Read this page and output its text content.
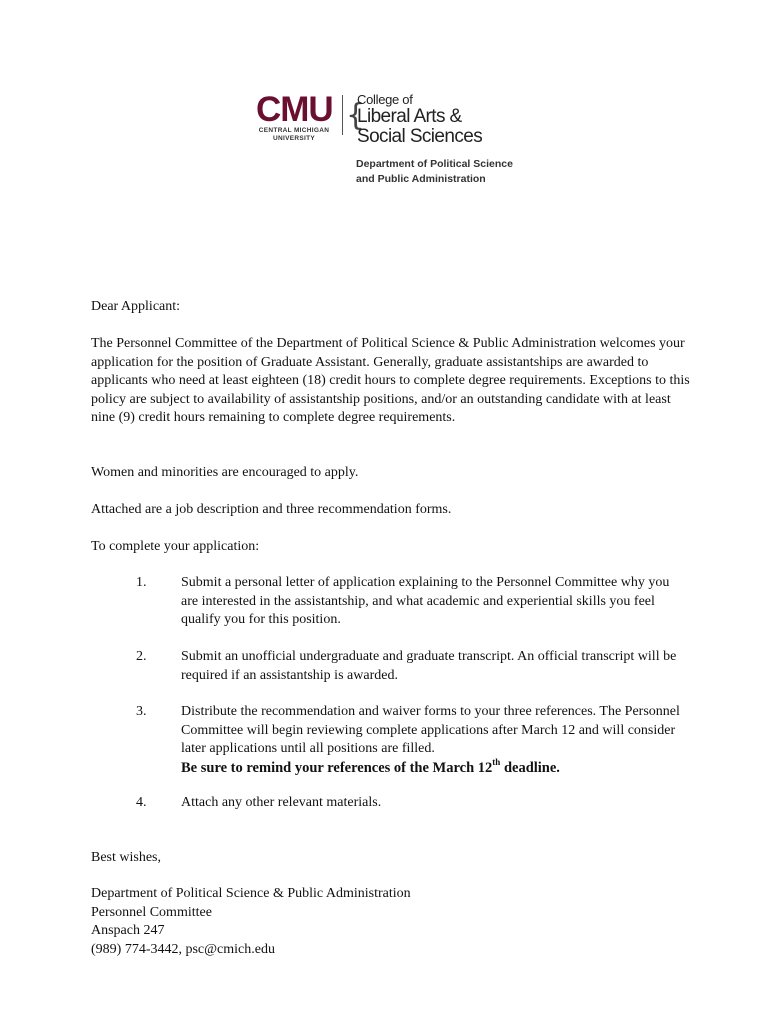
CMU
CENTRAL MICHIGAN
UNIVERSITY
{
College of
Liberal Arts &
Social Sciences
Department of Political Science
and Public Administration

Dear Applicant:

The Personnel Committee of the Department of Political Science & Public Administration welcomes your application for the position of Graduate Assistant. Generally, graduate assistantships are awarded to applicants who need at least eighteen (18) credit hours to complete degree requirements. Exceptions to this policy are subject to availability of assistantship positions, and/or an outstanding candidate with at least nine (9) credit hours remaining to complete degree requirements.

Women and minorities are encouraged to apply.

Attached are a job description and three recommendation forms.

To complete your application:

1. Submit a personal letter of application explaining to the Personnel Committee why you are interested in the assistantship, and what academic and experiential skills you feel qualify you for this position.

2. Submit an unofficial undergraduate and graduate transcript. An official transcript will be required if an assistantship is awarded.

3. Distribute the recommendation and waiver forms to your three references. The Personnel Committee will begin reviewing complete applications after March 12 and will consider later applications until all positions are filled.
Be sure to remind your references of the March 12th deadline.
4. Attach any other relevant materials.

Best wishes,

Department of Political Science & Public Administration
Personnel Committee
Anspach 247
(989) 774-3442, psc@cmich.edu
